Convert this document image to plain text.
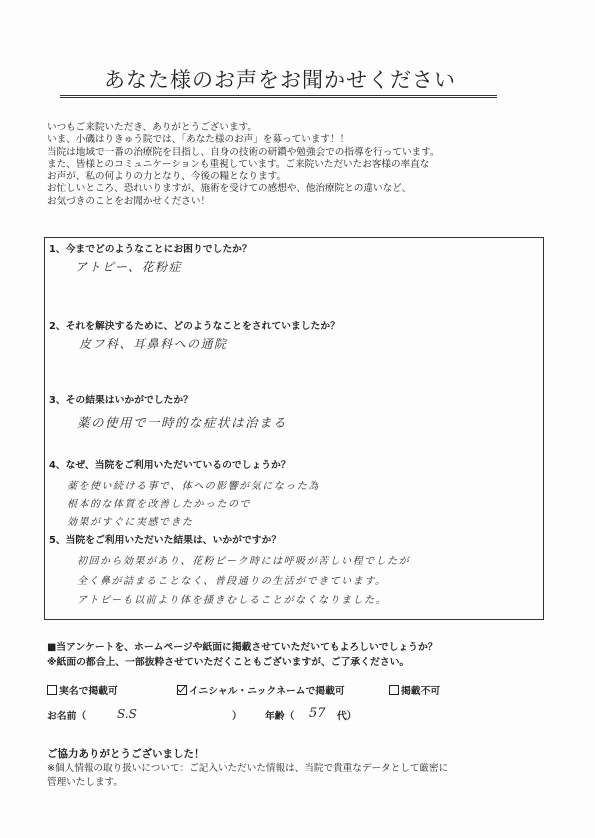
あなた様のお声をお聞かせください
いつもご来院いただき、ありがとうございます。
いま、小磯はりきゅう院では、「あなた様のお声」を募っています！！
当院は地域で一番の治療院を目指し、自身の技術の研鑽や勉強会での指導を行っています。
また、皆様とのコミュニケーションも重視しています。ご来院いただいたお客様の率直な
お声が、私の何よりの力となり、今後の糧となります。
お忙しいところ、恐れいりますが、施術を受けての感想や、他治療院との違いなど、
お気づきのことをお聞かせください！
1、今までどのようなことにお困りでしたか？
アトピー、花粉症
2、それを解決するために、どのようなことをされていましたか？
皮フ科、耳鼻科への通院
3、その結果はいかがでしたか？
薬の使用で一時的な症状は治まる
4、なぜ、当院をご利用いただいているのでしょうか？
薬を使い続ける事で、体への影響が気になった為
根本的な体質を改善したかったので
効果がすぐに実感できた
5、当院をご利用いただいた結果は、いかがですか？
初回から効果があり、花粉ピーク時には呼吸が苦しい程でしたが
全く鼻が詰まることなく、普段通りの生活ができています。
アトピーも以前より体を掻きむしることがなくなりました。
■当アンケートを、ホームページや紙面に掲載させていただいてもよろしいでしょうか？
※紙面の都合上、一部抜粋させていただくこともございますが、ご了承ください。
実名で掲載可	イニシャル・ニックネームで掲載可	掲載不可
お名前（	S.S	） 年齢（ 57 代）
ご協力ありがとうございました！
※個人情報の取り扱いについて：ご記入いただいた情報は、当院で貴重なデータとして厳密に
管理いたします。
